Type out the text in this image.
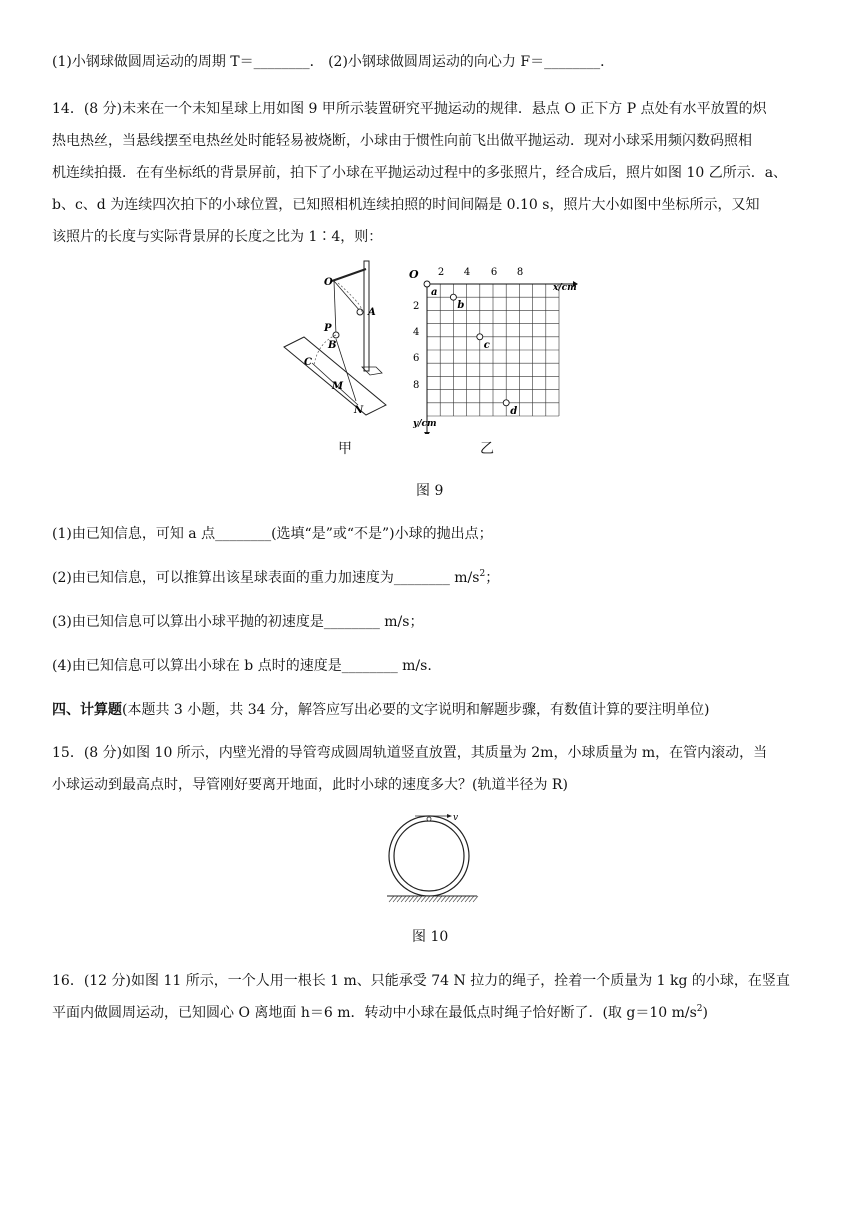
(1)小钢球做圆周运动的周期 T＝________． (2)小钢球做圆周运动的向心力 F＝________．
14．(8 分)未来在一个未知星球上用如图 9 甲所示装置研究平抛运动的规律．悬点 O 正下方 P 点处有水平放置的炽
热电热丝，当悬线摆至电热丝处时能轻易被烧断，小球由于惯性向前飞出做平抛运动．现对小球采用频闪数码照相
机连续拍摄．在有坐标纸的背景屏前，拍下了小球在平抛运动过程中的多张照片，经合成后，照片如图 10 乙所示．a、
b、c、d 为连续四次拍下的小球位置，已知照相机连续拍照的时间间隔是 0.10 s，照片大小如图中坐标所示，又知
该照片的长度与实际背景屏的长度之比为 1∶4，则：
O
A
P
B
C
M
N
O
x/cm
y/cm
2 4 6 8
2
4
6
8
a
b
c
d
甲	乙
图 9
(1)由已知信息，可知 a 点________(选填“是”或“不是”)小球的抛出点；
(2)由已知信息，可以推算出该星球表面的重力加速度为________ $m/s^2$；
(3)由已知信息可以算出小球平抛的初速度是________ m/s；
(4)由已知信息可以算出小球在 b 点时的速度是________ m/s.
四、计算题(本题共 3 小题，共 34 分，解答应写出必要的文字说明和解题步骤，有数值计算的要注明单位)
15．(8 分)如图 10 所示，内壁光滑的导管弯成圆周轨道竖直放置，其质量为 2m，小球质量为 m，在管内滚动，当
小球运动到最高点时，导管刚好要离开地面，此时小球的速度多大？(轨道半径为 R)
v
图 10
16．(12 分)如图 11 所示，一个人用一根长 1 m、只能承受 74 N 拉力的绳子，拴着一个质量为 1 kg 的小球，在竖直
平面内做圆周运动，已知圆心 O 离地面 h＝6 m．转动中小球在最低点时绳子恰好断了．(取 g＝10 $m/s^2$)
